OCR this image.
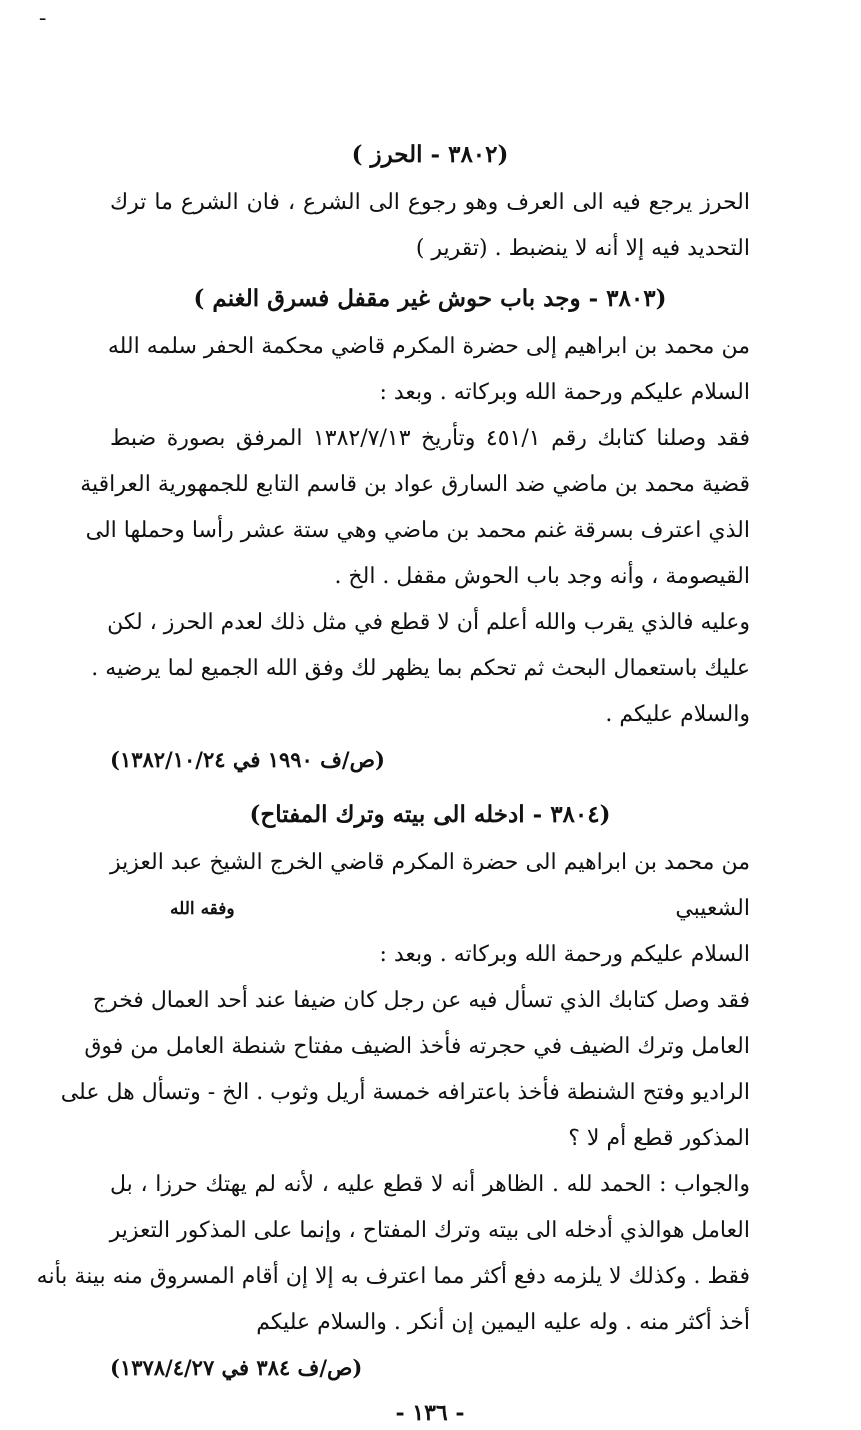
ـ
(٣٨٠٢ - الحرز )
الحرز يرجع فيه الى العرف وهو رجوع الى الشرع ، فان الشرع ما ترك
التحديد فيه إلا أنه لا ينضبط . (تقرير )
(٣٨٠٣ - وجد باب حوش غير مقفل فسرق الغنم )
من محمد بن ابراهيم إلى حضرة المكرم قاضي محكمة الحفر سلمه الله
السلام عليكم ورحمة الله وبركاته . وبعد :
فقد وصلنا كتابك رقم ٤٥١/١ وتأريخ ١٣٨٢/٧/١٣ المرفق بصورة ضبط
قضية محمد بن ماضي ضد السارق عواد بن قاسم التابع للجمهورية العراقية
الذي اعترف بسرقة غنم محمد بن ماضي وهي ستة عشر رأسا وحملها الى
القيصومة ، وأنه وجد باب الحوش مقفل . الخ .
وعليه فالذي يقرب والله أعلم أن لا قطع في مثل ذلك لعدم الحرز ، لكن
عليك باستعمال البحث ثم تحكم بما يظهر لك وفق الله الجميع لما يرضيه .
والسلام عليكم .
(ص/ف ١٩٩٠ في ١٣٨٢/١٠/٢٤)
(٣٨٠٤ - ادخله الى بيته وترك المفتاح)
من محمد بن ابراهيم الى حضرة المكرم قاضي الخرج الشيخ عبد العزيز
الشعيبي
وفقه الله
السلام عليكم ورحمة الله وبركاته . وبعد :
فقد وصل كتابك الذي تسأل فيه عن رجل كان ضيفا عند أحد العمال فخرج
العامل وترك الضيف في حجرته فأخذ الضيف مفتاح شنطة العامل من فوق
الراديو وفتح الشنطة فأخذ باعترافه خمسة أريل وثوب . الخ - وتسأل هل على
المذكور قطع أم لا ؟
والجواب : الحمد لله . الظاهر أنه لا قطع عليه ، لأنه لم يهتك حرزا ، بل
العامل هوالذي أدخله الى بيته وترك المفتاح ، وإنما على المذكور التعزير
فقط . وكذلك لا يلزمه دفع أكثر مما اعترف به إلا إن أقام المسروق منه بينة بأنه
أخذ أكثر منه . وله عليه اليمين إن أنكر . والسلام عليكم
(ص/ف ٣٨٤ في ١٣٧٨/٤/٢٧)
- ١٣٦ -
